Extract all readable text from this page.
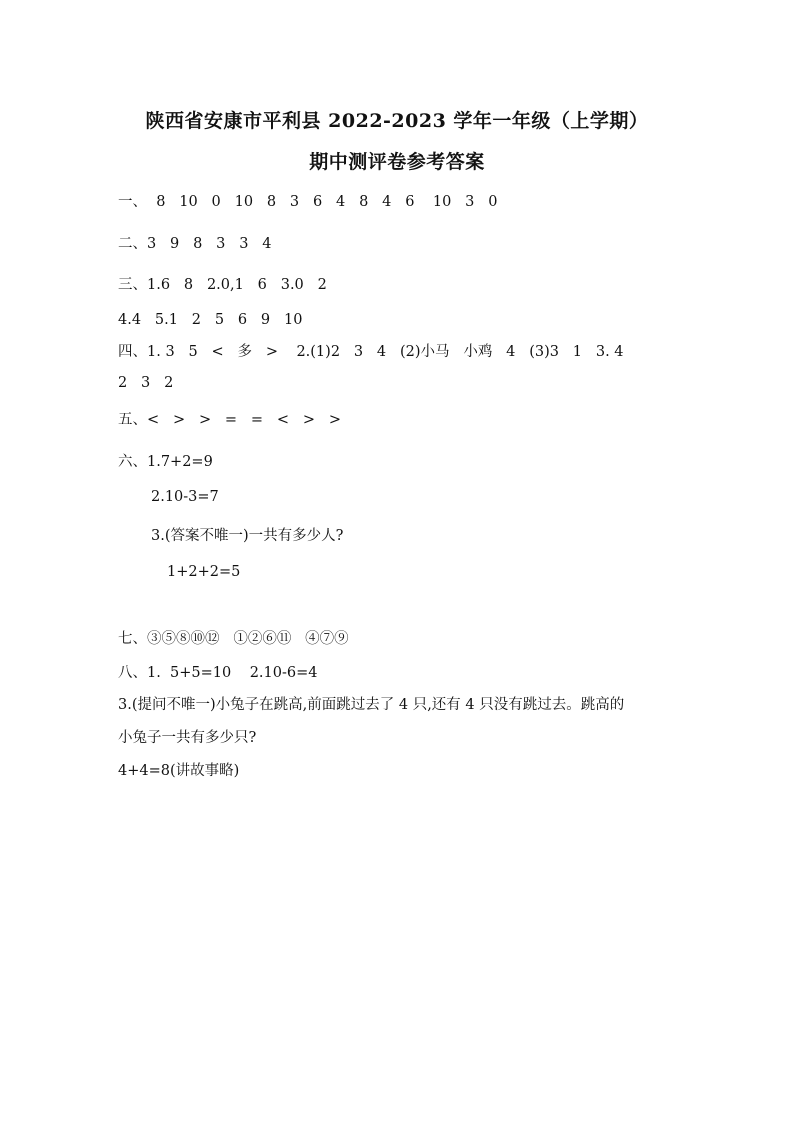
陕西省安康市平利县 2022-2023 学年一年级（上学期）
期中测评卷参考答案
一、  8   10   0   10   8   3   6   4   8   4   6    10   3   0
二、3   9   8   3   3   4
三、1.6   8   2.0,1   6   3.0   2
4.4   5.1   2   5   6   9   10
四、1. 3   5   <   多   >    2.(1)2   3   4   (2)小马   小鸡   4   (3)3   1   3. 4
2   3   2
五、<   >   >   =   =   <   >   >
六、1.7+2=9
2.10-3=7
3.(答案不唯一)一共有多少人?
1+2+2=5
七、③⑤⑧⑩⑫   ①②⑥⑪   ④⑦⑨
八、1.  5+5=10    2.10-6=4
3.(提问不唯一)小兔子在跳高,前面跳过去了 4 只,还有 4 只没有跳过去。跳高的
小兔子一共有多少只?
4+4=8(讲故事略)
